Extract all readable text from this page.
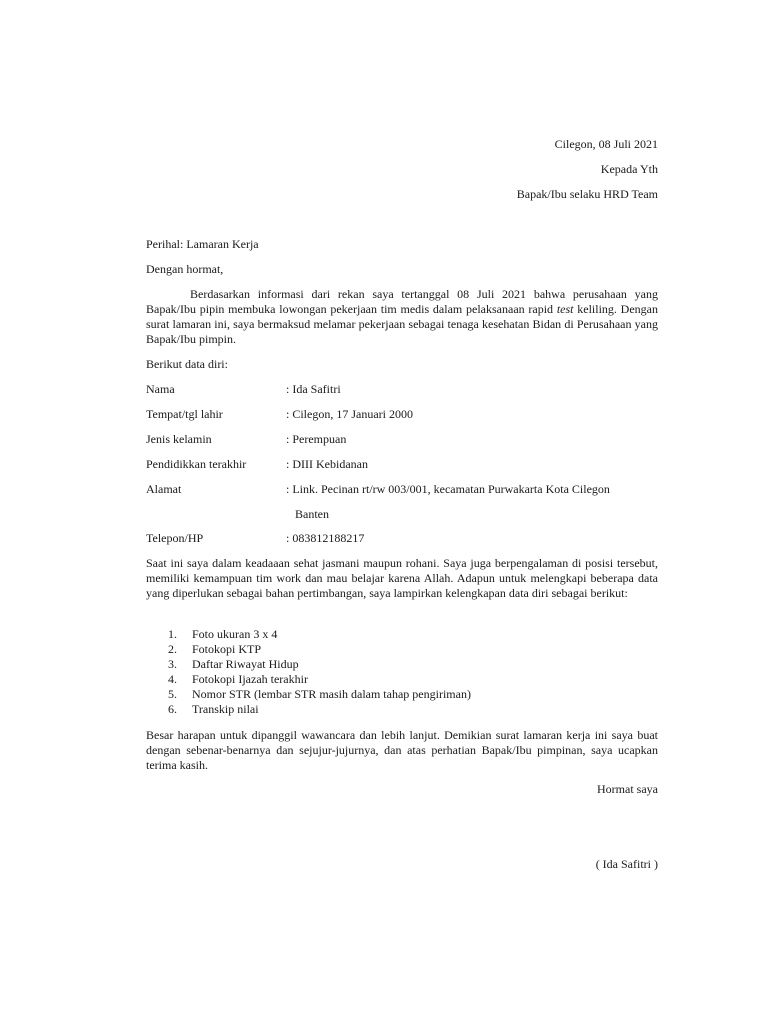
Cilegon, 08 Juli 2021
Kepada Yth
Bapak/Ibu selaku HRD Team
Perihal: Lamaran Kerja
Dengan hormat,
Berdasarkan informasi dari rekan saya tertanggal 08 Juli 2021 bahwa perusahaan yang Bapak/Ibu pipin membuka lowongan pekerjaan tim medis dalam pelaksanaan rapid test keliling. Dengan surat lamaran ini, saya bermaksud melamar pekerjaan sebagai tenaga kesehatan Bidan di Perusahaan yang Bapak/Ibu pimpin.
Berikut data diri:
Nama	: Ida Safitri
Tempat/tgl lahir	: Cilegon, 17 Januari 2000
Jenis kelamin	: Perempuan
Pendidikkan terakhir	: DIII Kebidanan
Alamat	: Link. Pecinan rt/rw 003/001, kecamatan Purwakarta Kota Cilegon
Banten
Telepon/HP	: 083812188217
Saat ini saya dalam keadaaan sehat jasmani maupun rohani. Saya juga berpengalaman di posisi tersebut, memiliki kemampuan tim work dan mau belajar karena Allah. Adapun untuk melengkapi beberapa data yang diperlukan sebagai bahan pertimbangan, saya lampirkan kelengkapan data diri sebagai berikut:
1. Foto ukuran 3 x 4
2. Fotokopi KTP
3. Daftar Riwayat Hidup
4. Fotokopi Ijazah terakhir
5. Nomor STR (lembar STR masih dalam tahap pengiriman)
6. Transkip nilai
Besar harapan untuk dipanggil wawancara dan lebih lanjut. Demikian surat lamaran kerja ini saya buat dengan sebenar-benarnya dan sejujur-jujurnya, dan atas perhatian Bapak/Ibu pimpinan, saya ucapkan terima kasih.
Hormat saya
( Ida Safitri )
